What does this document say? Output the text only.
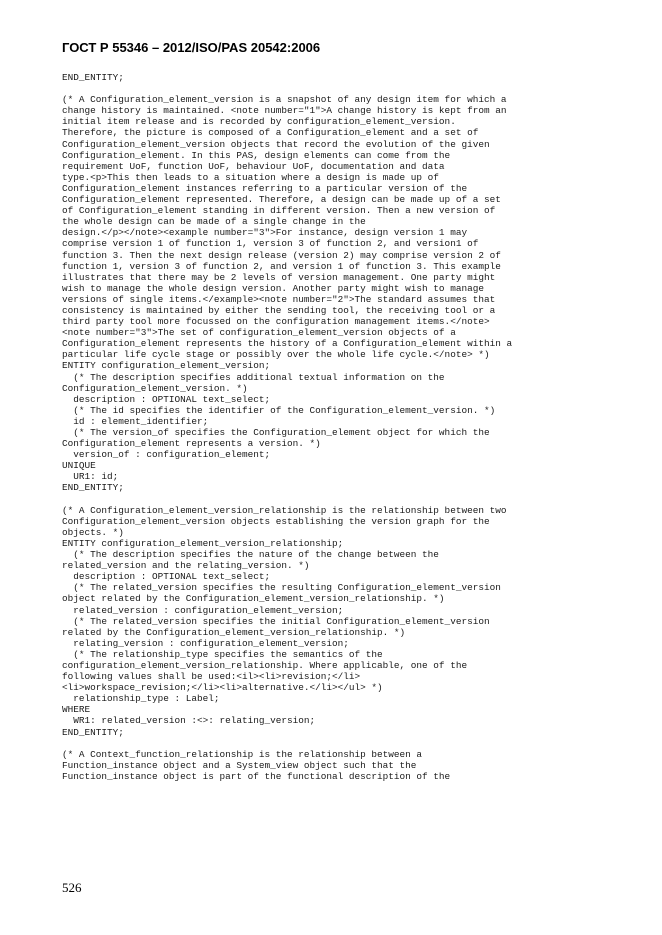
ГОСТ Р 55346 – 2012/ISO/PAS 20542:2006
END_ENTITY;
(* A Configuration_element_version is a snapshot of any design item for which a
change history is maintained. <note number="1">A change history is kept from an
initial item release and is recorded by configuration_element_version.
Therefore, the picture is composed of a Configuration_element and a set of
Configuration_element_version objects that record the evolution of the given
Configuration_element. In this PAS, design elements can come from the
requirement UoF, function UoF, behaviour UoF, documentation and data
type.<p>This then leads to a situation where a design is made up of
Configuration_element instances referring to a particular version of the
Configuration_element represented. Therefore, a design can be made up of a set
of Configuration_element standing in different version. Then a new version of
the whole design can be made of a single change in the
design.</p></note><example number="3">For instance, design version 1 may
comprise version 1 of function 1, version 3 of function 2, and version1 of
function 3. Then the next design release (version 2) may comprise version 2 of
function 1, version 3 of function 2, and version 1 of function 3. This example
illustrates that there may be 2 levels of version management. One party might
wish to manage the whole design version. Another party might wish to manage
versions of single items.</example><note number="2">The standard assumes that
consistency is maintained by either the sending tool, the receiving tool or a
third party tool more focussed on the configuration management items.</note>
<note number="3">The set of configuration_element_version objects of a
Configuration_element represents the history of a Configuration_element within a
particular life cycle stage or possibly over the whole life cycle.</note> *)
ENTITY configuration_element_version;
(* The description specifies additional textual information on the
Configuration_element_version. *)
description : OPTIONAL text_select;
(* The id specifies the identifier of the Configuration_element_version. *)
id : element_identifier;
(* The version_of specifies the Configuration_element object for which the
Configuration_element represents a version. *)
version_of : configuration_element;
UNIQUE
UR1: id;
END_ENTITY;
(* A Configuration_element_version_relationship is the relationship between two
Configuration_element_version objects establishing the version graph for the
objects. *)
ENTITY configuration_element_version_relationship;
(* The description specifies the nature of the change between the
related_version and the relating_version. *)
description : OPTIONAL text_select;
(* The related_version specifies the resulting Configuration_element_version
object related by the Configuration_element_version_relationship. *)
related_version : configuration_element_version;
(* The related_version specifies the initial Configuration_element_version
related by the Configuration_element_version_relationship. *)
relating_version : configuration_element_version;
(* The relationship_type specifies the semantics of the
configuration_element_version_relationship. Where applicable, one of the
following values shall be used:<il><li>revision;</li>
<li>workspace_revision;</li><li>alternative.</li></ul> *)
relationship_type : Label;
WHERE
WR1: related_version :<>: relating_version;
END_ENTITY;
(* A Context_function_relationship is the relationship between a
Function_instance object and a System_view object such that the
Function_instance object is part of the functional description of the
526
